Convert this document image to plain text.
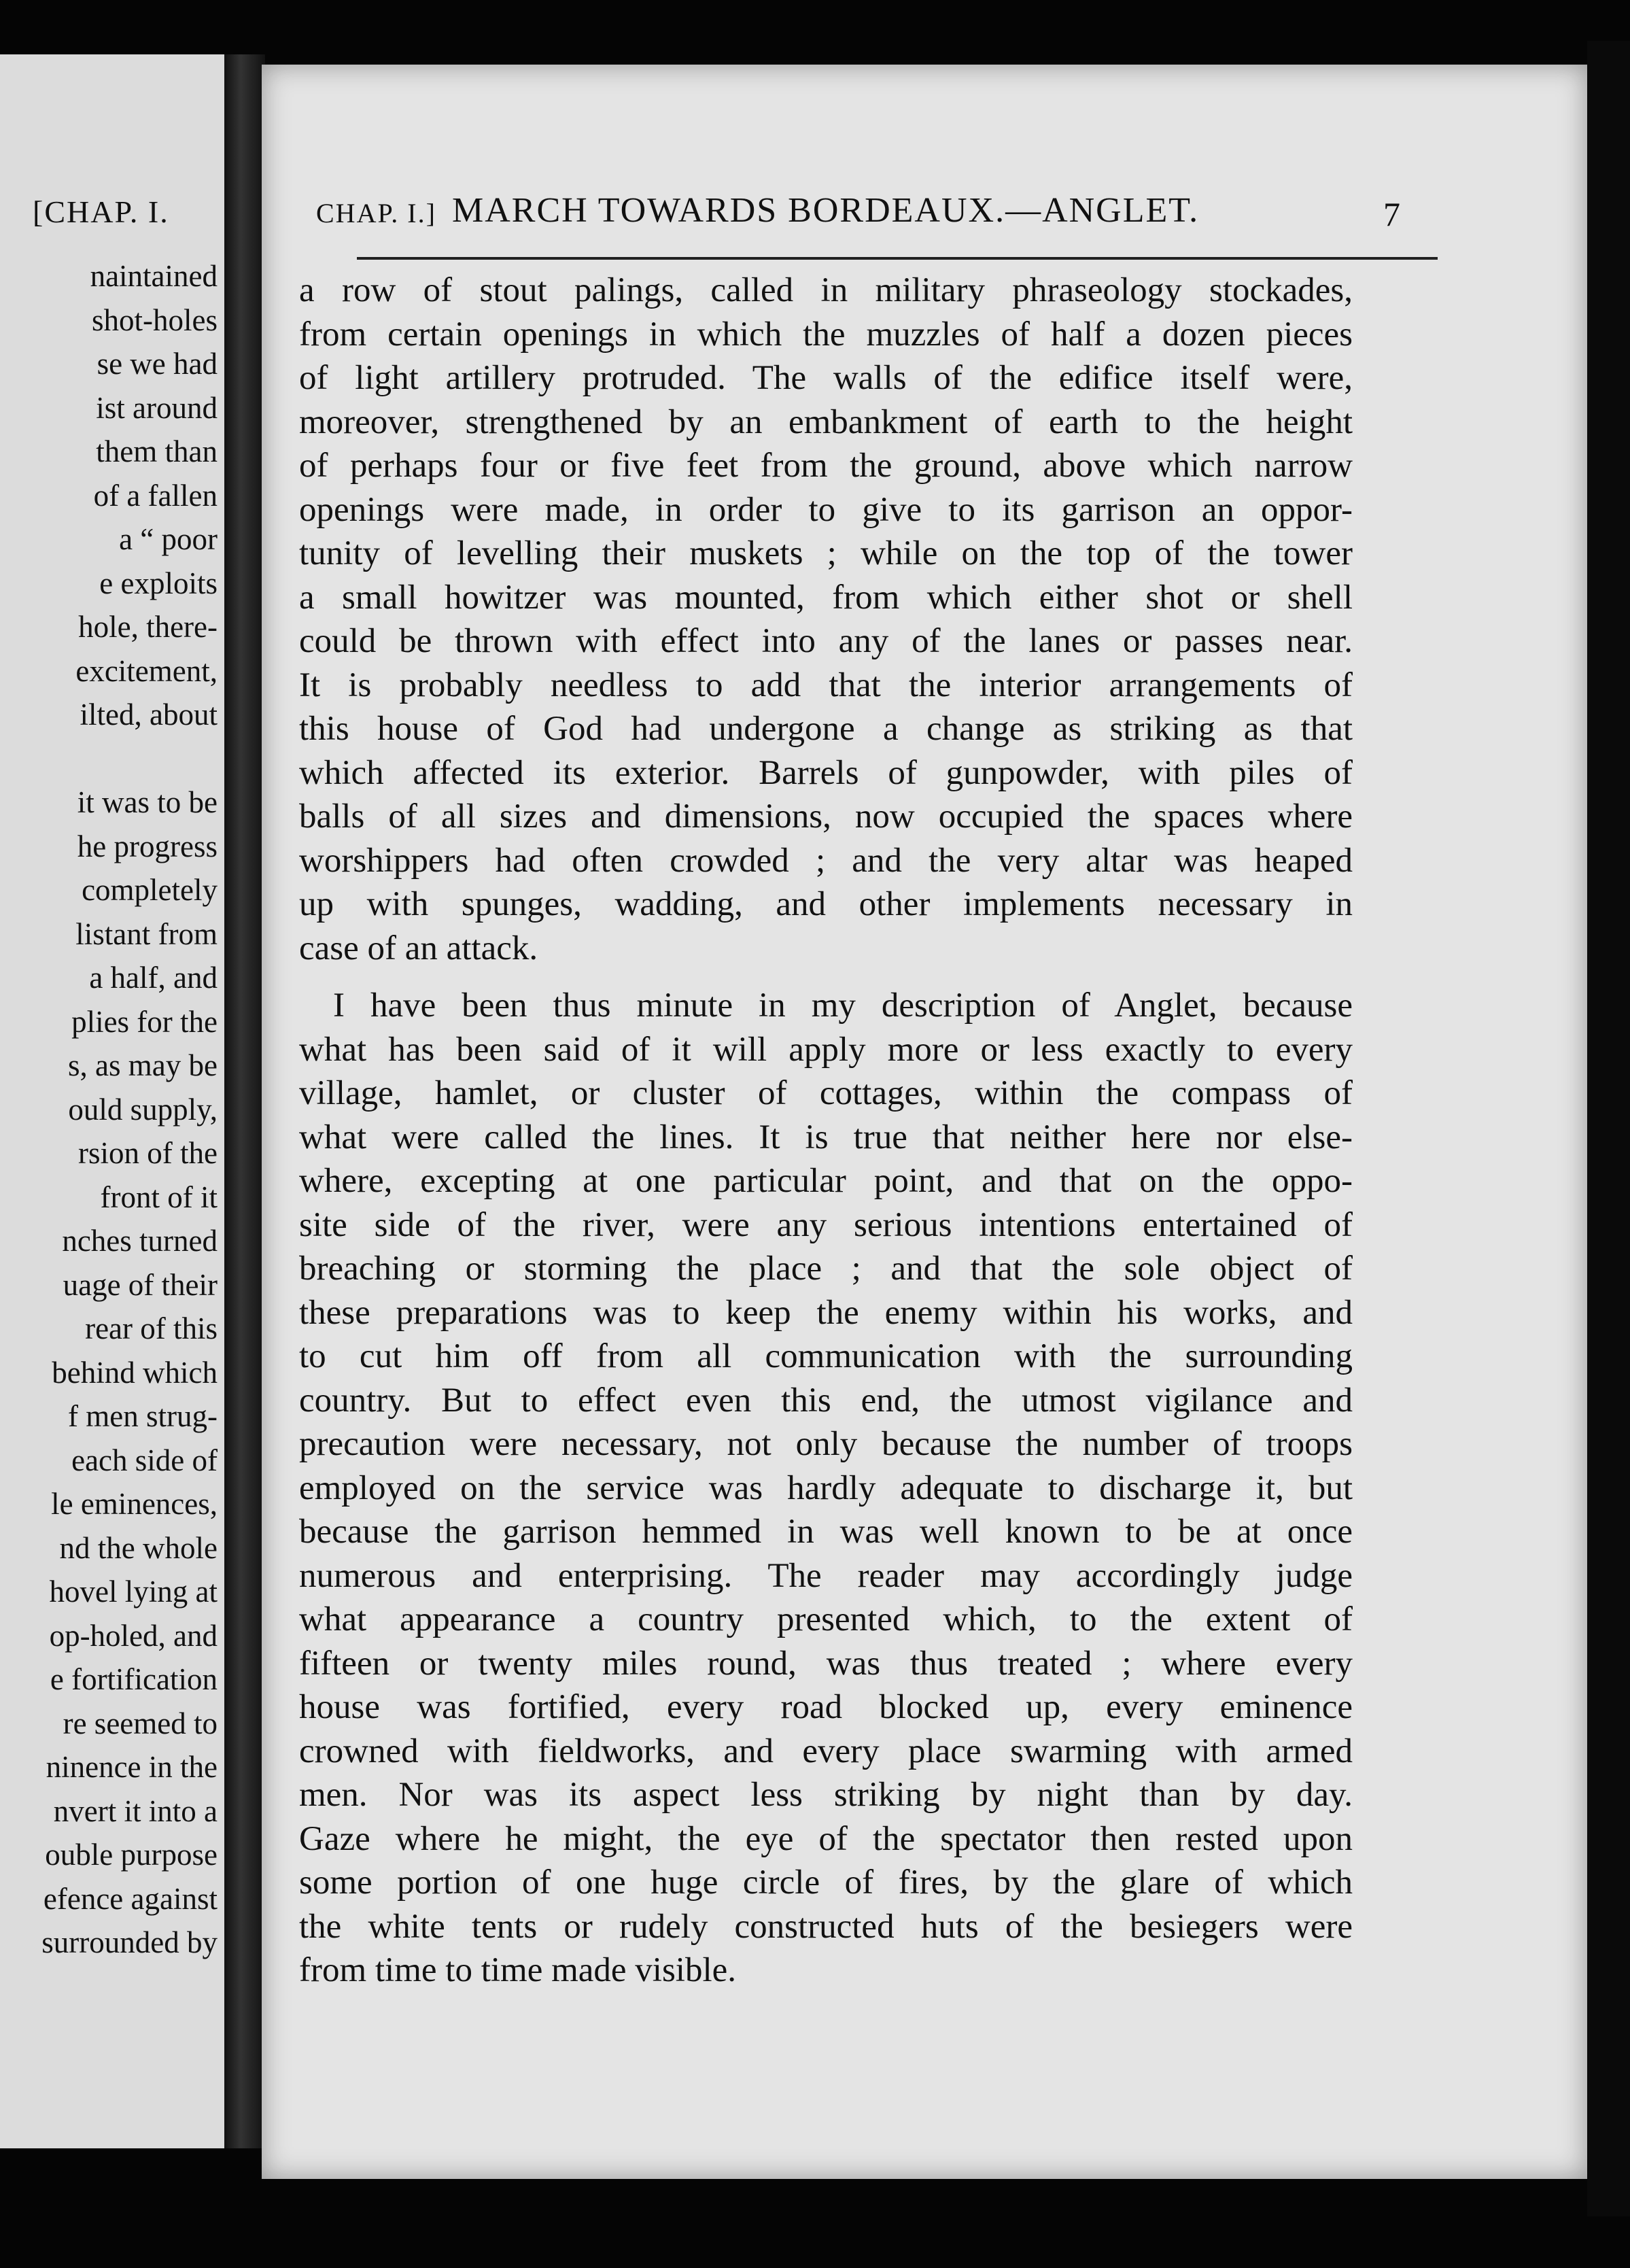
[CHAP. I.
naintained
shot-holes
se we had
ist around
them than
of a fallen
a “ poor
e exploits
hole, there-
excitement,
ilted, about
it was to be
he progress
completely
listant from
a half, and
plies for the
s, as may be
ould supply,
rsion of the
front of it
nches turned
uage of their
rear of this
behind which
f men strug-
each side of
le eminences,
nd the whole
hovel lying at
op-holed, and
e fortification
re seemed to
ninence in the
nvert it into a
ouble purpose
efence against
surrounded by
CHAP. I.] MARCH TOWARDS BORDEAUX.—ANGLET.	7
a row of stout palings, called in military phraseology stockades,
from certain openings in which the muzzles of half a dozen pieces
of light artillery protruded. The walls of the edifice itself were,
moreover, strengthened by an embankment of earth to the height
of perhaps four or five feet from the ground, above which narrow
openings were made, in order to give to its garrison an oppor-
tunity of levelling their muskets ; while on the top of the tower
a small howitzer was mounted, from which either shot or shell
could be thrown with effect into any of the lanes or passes near.
It is probably needless to add that the interior arrangements of
this house of God had undergone a change as striking as that
which affected its exterior. Barrels of gunpowder, with piles of
balls of all sizes and dimensions, now occupied the spaces where
worshippers had often crowded ; and the very altar was heaped
up with spunges, wadding, and other implements necessary in
case of an attack.
I have been thus minute in my description of Anglet, because
what has been said of it will apply more or less exactly to every
village, hamlet, or cluster of cottages, within the compass of
what were called the lines. It is true that neither here nor else-
where, excepting at one particular point, and that on the oppo-
site side of the river, were any serious intentions entertained of
breaching or storming the place ; and that the sole object of
these preparations was to keep the enemy within his works, and
to cut him off from all communication with the surrounding
country. But to effect even this end, the utmost vigilance and
precaution were necessary, not only because the number of troops
employed on the service was hardly adequate to discharge it, but
because the garrison hemmed in was well known to be at once
numerous and enterprising. The reader may accordingly judge
what appearance a country presented which, to the extent of
fifteen or twenty miles round, was thus treated ; where every
house was fortified, every road blocked up, every eminence
crowned with fieldworks, and every place swarming with armed
men. Nor was its aspect less striking by night than by day.
Gaze where he might, the eye of the spectator then rested upon
some portion of one huge circle of fires, by the glare of which
the white tents or rudely constructed huts of the besiegers were
from time to time made visible.
